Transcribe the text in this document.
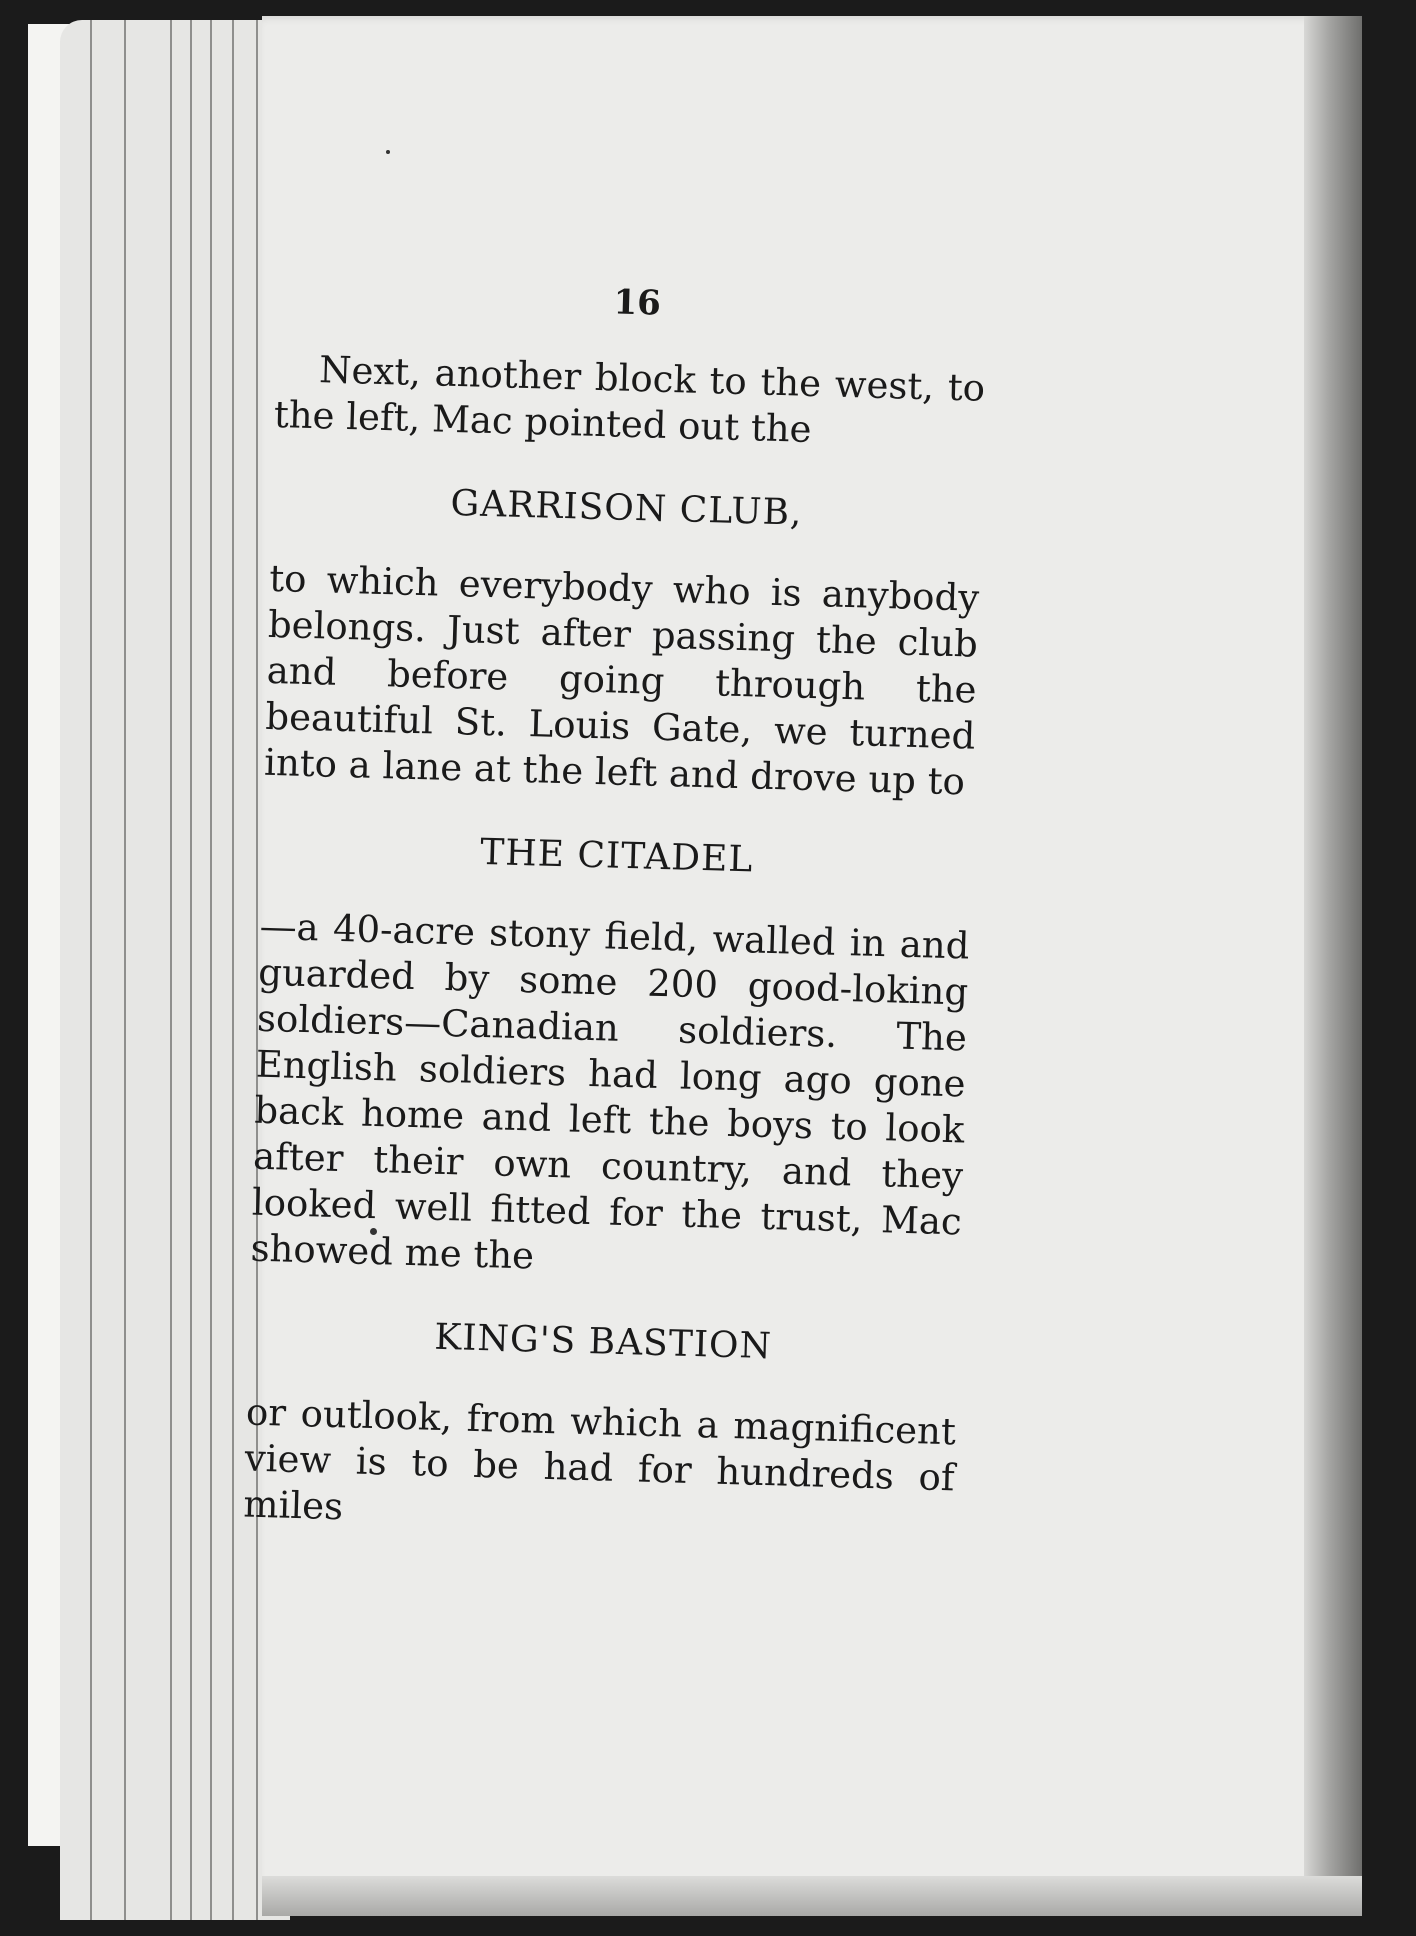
16

Next, another block to the west, to the left, Mac pointed out the

GARRISON CLUB,

to which everybody who is anybody belongs. Just after passing the club and before going through the beautiful St. Louis Gate, we turned into a lane at the left and drove up to

THE CITADEL

—a 40-acre stony field, walled in and guarded by some 200 good-loking soldiers—Canadian soldiers. The English soldiers had long ago gone back home and left the boys to look after their own country, and they looked well fitted for the trust, Mac showed me the

KING'S BASTION

or outlook, from which a magnificent view is to be had for hundreds of miles
